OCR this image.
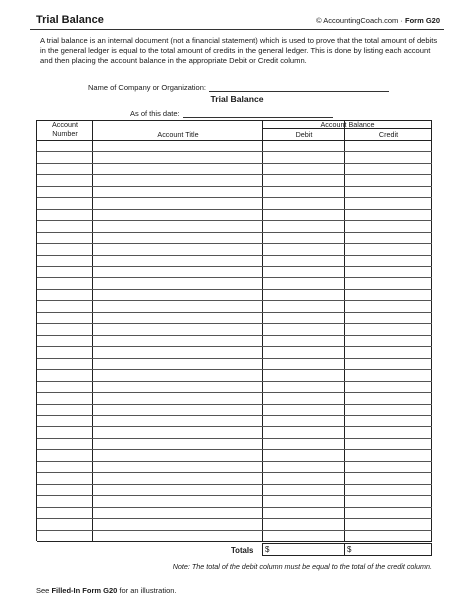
Trial Balance	© AccountingCoach.com · Form G20
A trial balance is an internal document (not a financial statement) which is used to prove that the total amount of debits in the general ledger is equal to the total amount of credits in the general ledger. This is done by listing each account and then placing the account balance in the appropriate Debit or Credit column.
Name of Company or Organization:
Trial Balance
As of this date:
Account
Number	Account Title
Account Balance
Debit	Credit
Totals $	$
Note: The total of the debit column must be equal to the total of the credit column.
See Filled-In Form G20 for an illustration.
